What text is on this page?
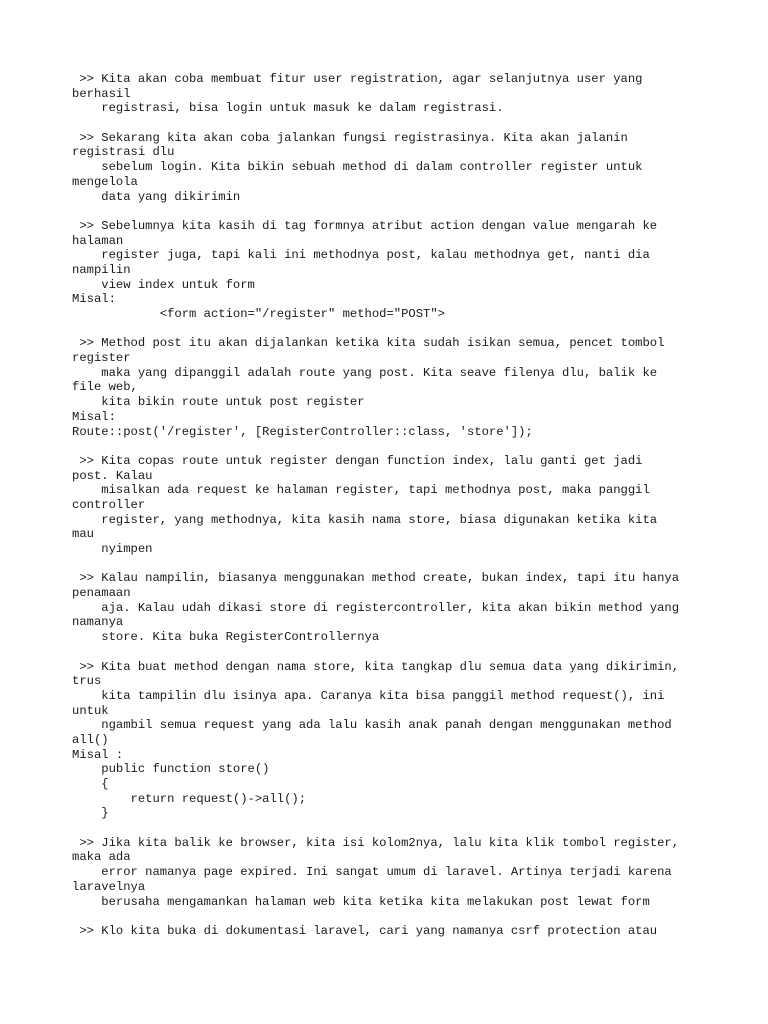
>> Kita akan coba membuat fitur user registration, agar selanjutnya user yang
berhasil
registrasi, bisa login untuk masuk ke dalam registrasi.
>> Sekarang kita akan coba jalankan fungsi registrasinya. Kita akan jalanin
registrasi dlu
sebelum login. Kita bikin sebuah method di dalam controller register untuk
mengelola
data yang dikirimin
>> Sebelumnya kita kasih di tag formnya atribut action dengan value mengarah ke
halaman
register juga, tapi kali ini methodnya post, kalau methodnya get, nanti dia
nampilin
view index untuk form
Misal:
<form action="/register" method="POST">
>> Method post itu akan dijalankan ketika kita sudah isikan semua, pencet tombol
register
maka yang dipanggil adalah route yang post. Kita seave filenya dlu, balik ke
file web,
kita bikin route untuk post register
Misal:
Route::post('/register', [RegisterController::class, 'store']);
>> Kita copas route untuk register dengan function index, lalu ganti get jadi
post. Kalau
misalkan ada request ke halaman register, tapi methodnya post, maka panggil
controller
register, yang methodnya, kita kasih nama store, biasa digunakan ketika kita
mau
nyimpen
>> Kalau nampilin, biasanya menggunakan method create, bukan index, tapi itu hanya
penamaan
aja. Kalau udah dikasi store di registercontroller, kita akan bikin method yang
namanya
store. Kita buka RegisterControllernya
>> Kita buat method dengan nama store, kita tangkap dlu semua data yang dikirimin,
trus
kita tampilin dlu isinya apa. Caranya kita bisa panggil method request(), ini
untuk
ngambil semua request yang ada lalu kasih anak panah dengan menggunakan method
all()
Misal :
public function store()
{
return request()->all();
}
>> Jika kita balik ke browser, kita isi kolom2nya, lalu kita klik tombol register,
maka ada
error namanya page expired. Ini sangat umum di laravel. Artinya terjadi karena
laravelnya
berusaha mengamankan halaman web kita ketika kita melakukan post lewat form
>> Klo kita buka di dokumentasi laravel, cari yang namanya csrf protection atau
